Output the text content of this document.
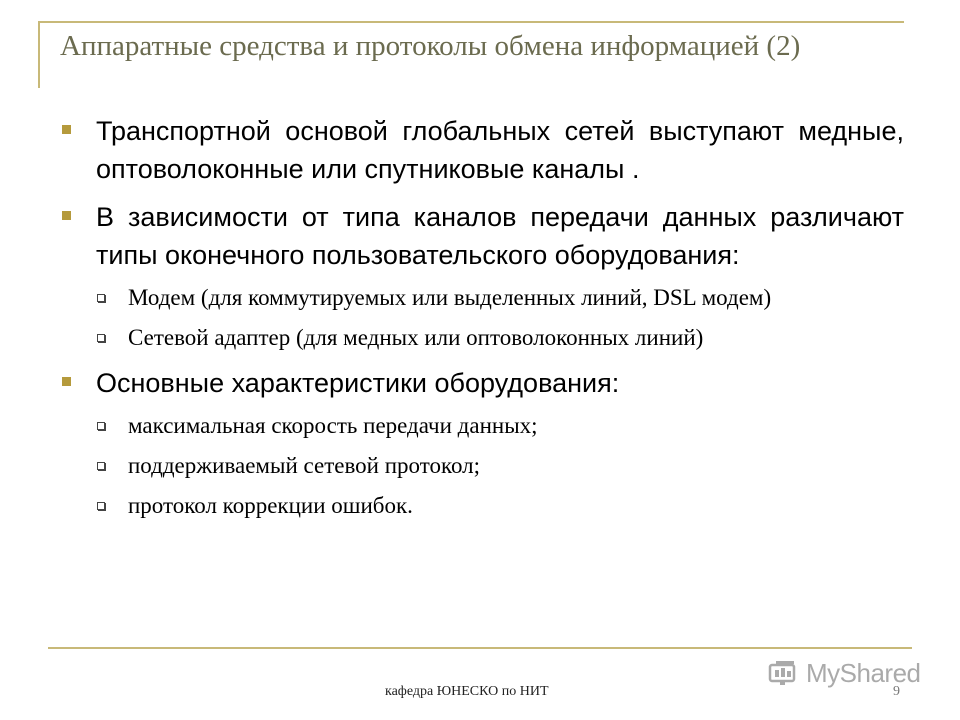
Аппаратные средства и протоколы обмена информацией (2)
Транспортной основой глобальных сетей выступают медные, оптоволоконные или спутниковые каналы .
В зависимости от типа каналов передачи данных различают типы оконечного пользовательского оборудования:
Модем (для коммутируемых или выделенных линий, DSL модем)
Сетевой адаптер (для медных или оптоволоконных линий)
Основные характеристики оборудования:
максимальная скорость передачи данных;
поддерживаемый сетевой протокол;
протокол коррекции ошибок.
кафедра ЮНЕСКО по НИТ	9
MyShared
